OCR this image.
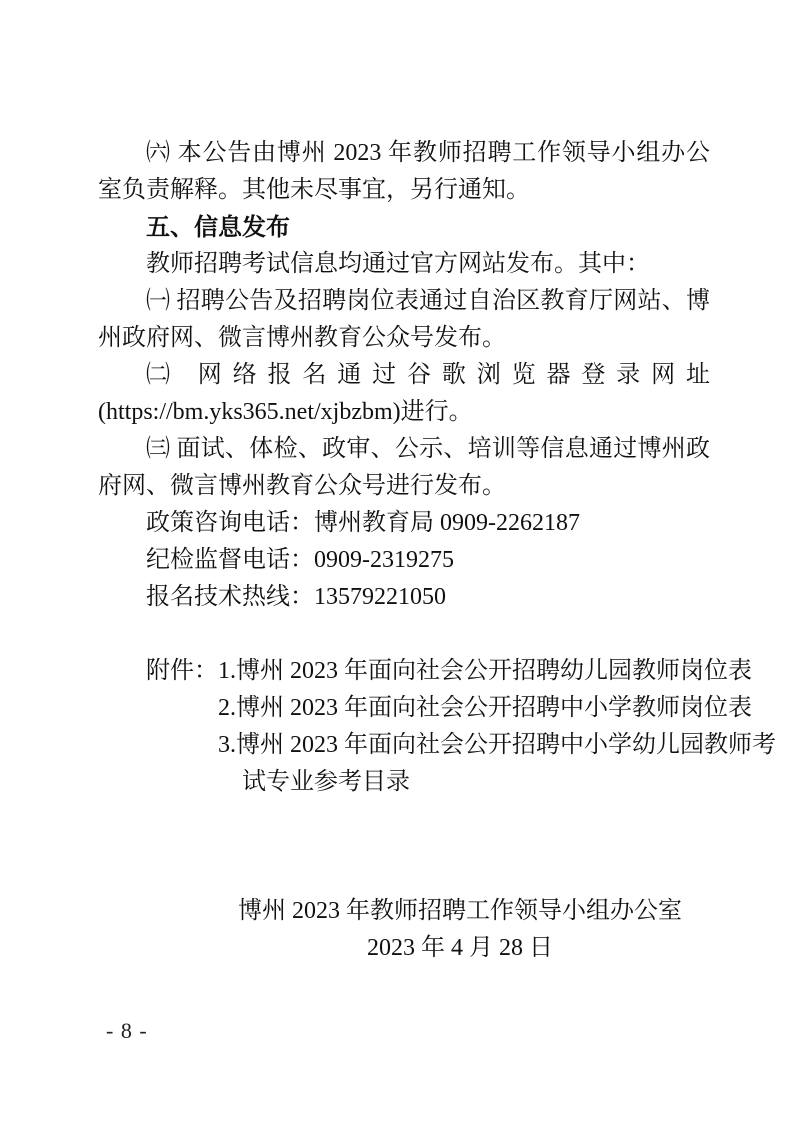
㈥ 本公告由博州 2023 年教师招聘工作领导小组办公室负责解释。其他未尽事宜，另行通知。

五、信息发布

教师招聘考试信息均通过官方网站发布。其中：

㈠ 招聘公告及招聘岗位表通过自治区教育厅网站、博州政府网、微言博州教育公众号发布。

㈡ 网络报名通过谷歌浏览器登录网址(https://bm.yks365.net/xjbzbm)进行。

㈢ 面试、体检、政审、公示、培训等信息通过博州政府网、微言博州教育公众号进行发布。

政策咨询电话：博州教育局 0909-2262187

纪检监督电话：0909-2319275

报名技术热线：13579221050

附件：1.博州 2023 年面向社会公开招聘幼儿园教师岗位表

2.博州 2023 年面向社会公开招聘中小学教师岗位表

3.博州 2023 年面向社会公开招聘中小学幼儿园教师考

试专业参考目录

博州 2023 年教师招聘工作领导小组办公室

2023 年 4 月 28 日

- 8 -
